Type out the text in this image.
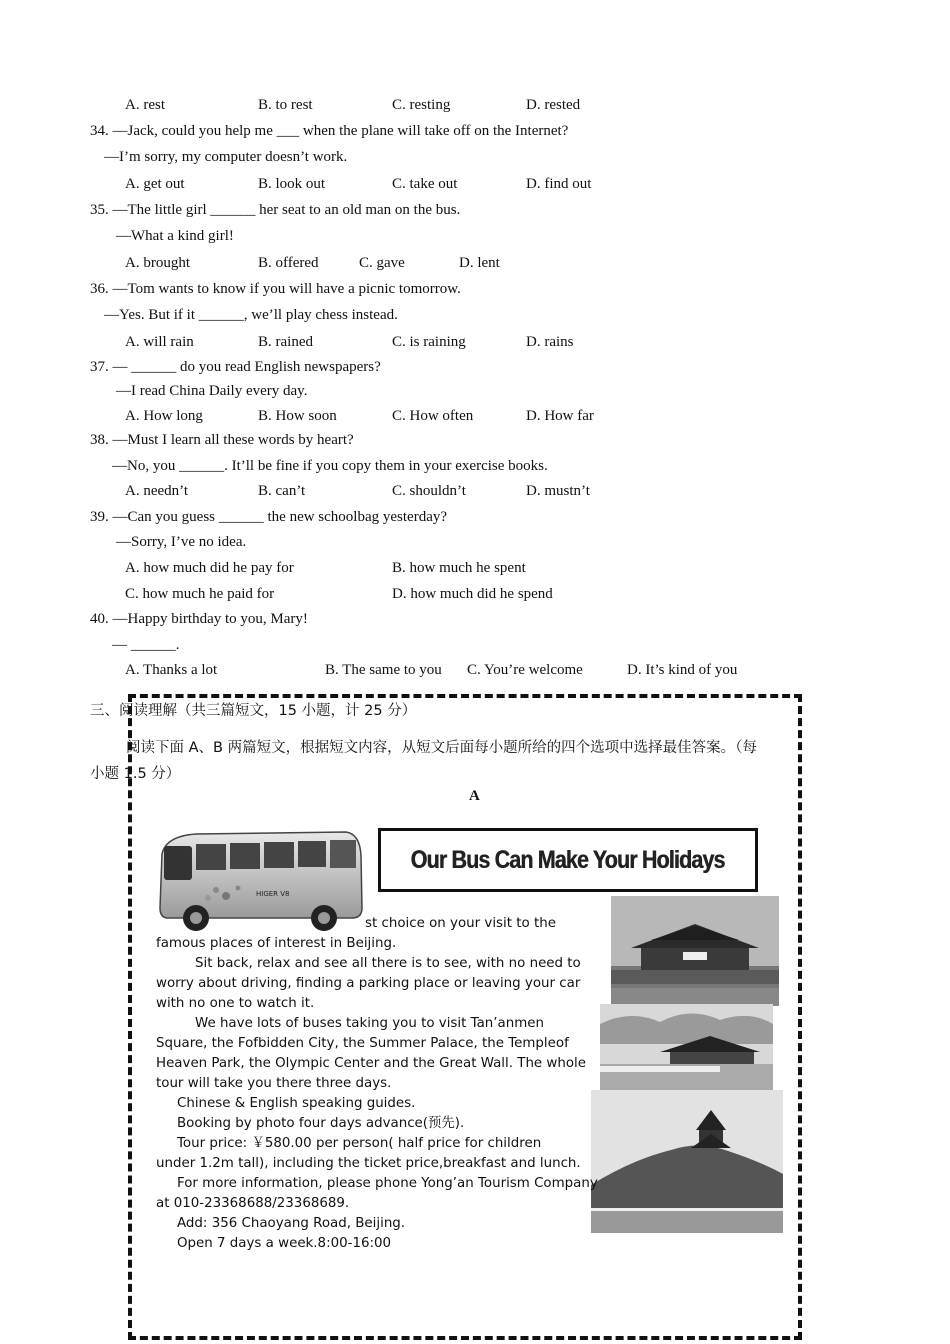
A. rest	B. to rest	C. resting	D. rested
34. —Jack, could you help me ___ when the plane will take off on the Internet?
—I’m sorry, my computer doesn’t work.
A. get out	B. look out	C. take out	D. find out
35. —The little girl ______ her seat to an old man on the bus.
—What a kind girl!
A. brought	B. offered	C. gave	D. lent
36. —Tom wants to know if you will have a picnic tomorrow.
—Yes. But if it ______, we’ll play chess instead.
A. will rain	B. rained	C. is raining	D. rains
37. — ______ do you read English newspapers?
—I read China Daily every day.
A. How long	B. How soon	C. How often	D. How far
38. —Must I learn all these words by heart?
—No, you ______. It’ll be fine if you copy them in your exercise books.
A. needn’t	B. can’t	C. shouldn’t	D. mustn’t
39. —Can you guess ______ the new schoolbag yesterday?
—Sorry, I’ve no idea.
A. how much did he pay for	B. how much he spent
C. how much he paid for	D. how much did he spend
40. —Happy birthday to you, Mary!
— ______.
A. Thanks a lot	B. The same to you C. You’re welcome	D. It’s kind of you
三、阅读理解（共三篇短文，15 小题，计 25 分）
阅读下面 A、B 两篇短文，根据短文内容，从短文后面每小题所给的四个选项中选择最佳答案。（每
小题 1.5 分）
A
HIGER V8
Our Bus Can Make Your Holidays
st choice on your visit to the
famous places of interest in Beijing.
Sit back, relax and see all there is to see, with no need to
worry about driving, finding a parking place or leaving your car
with no one to watch it.
We have lots of buses taking you to visit Tan’anmen
Square, the Fofbidden City, the Summer Palace, the Templeof
Heaven Park, the Olympic Center and the Great Wall. The whole
tour will take you there three days.
Chinese & English speaking guides.
Booking by photo four days advance(预先).
Tour price: ￥580.00 per person( half price for children
under 1.2m tall), including the ticket price,breakfast and lunch.
For more information, please phone Yong’an Tourism Company
at 010-23368688/23368689.
Add: 356 Chaoyang Road, Beijing.
Open 7 days a week.8:00-16:00
